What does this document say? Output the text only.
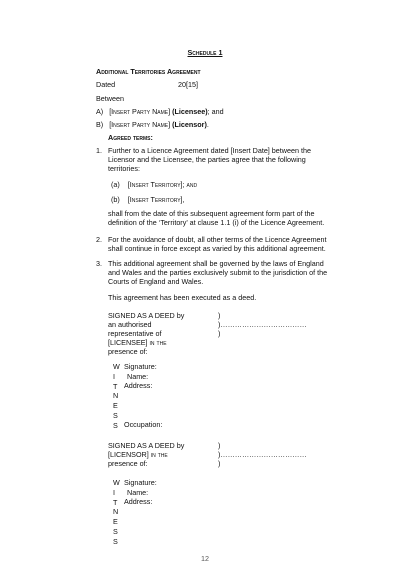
Schedule 1
Additional Territories Agreement
Dated	20[15]
Between
A) [Insert Party Name] (Licensee); and
B) [Insert Party Name] (Licensor).
Agreed terms:
1. Further to a Licence Agreement dated [Insert Date] between the
Licensor and the Licensee, the parties agree that the following
territories:
(a) [Insert Territory]; and
(b) [Insert Territory],
shall from the date of this subsequent agreement form part of the
definition of the ‘Territory’ at clause 1.1 (i) of the Licence Agreement.
2. For the avoidance of doubt, all other terms of the Licence Agreement
shall continue in force except as varied by this additional agreement.
3. This additional agreement shall be governed by the laws of England
and Wales and the parties exclusively submit to the jurisdiction of the
Courts of England and Wales.
This agreement has been executed as a deed.
SIGNED AS A DEED by
an authorised
representative of
[LICENSEE] in the
presence of:
)
)………………………………
)
W
I
T
N
E
S
S
Signature:
Name:
Address:
Occupation:
SIGNED AS A DEED by
[LICENSOR] in the
presence of:
)
)………………………………
)
W
I
T
N
E
S
S
Signature:
Name:
Address:
12
